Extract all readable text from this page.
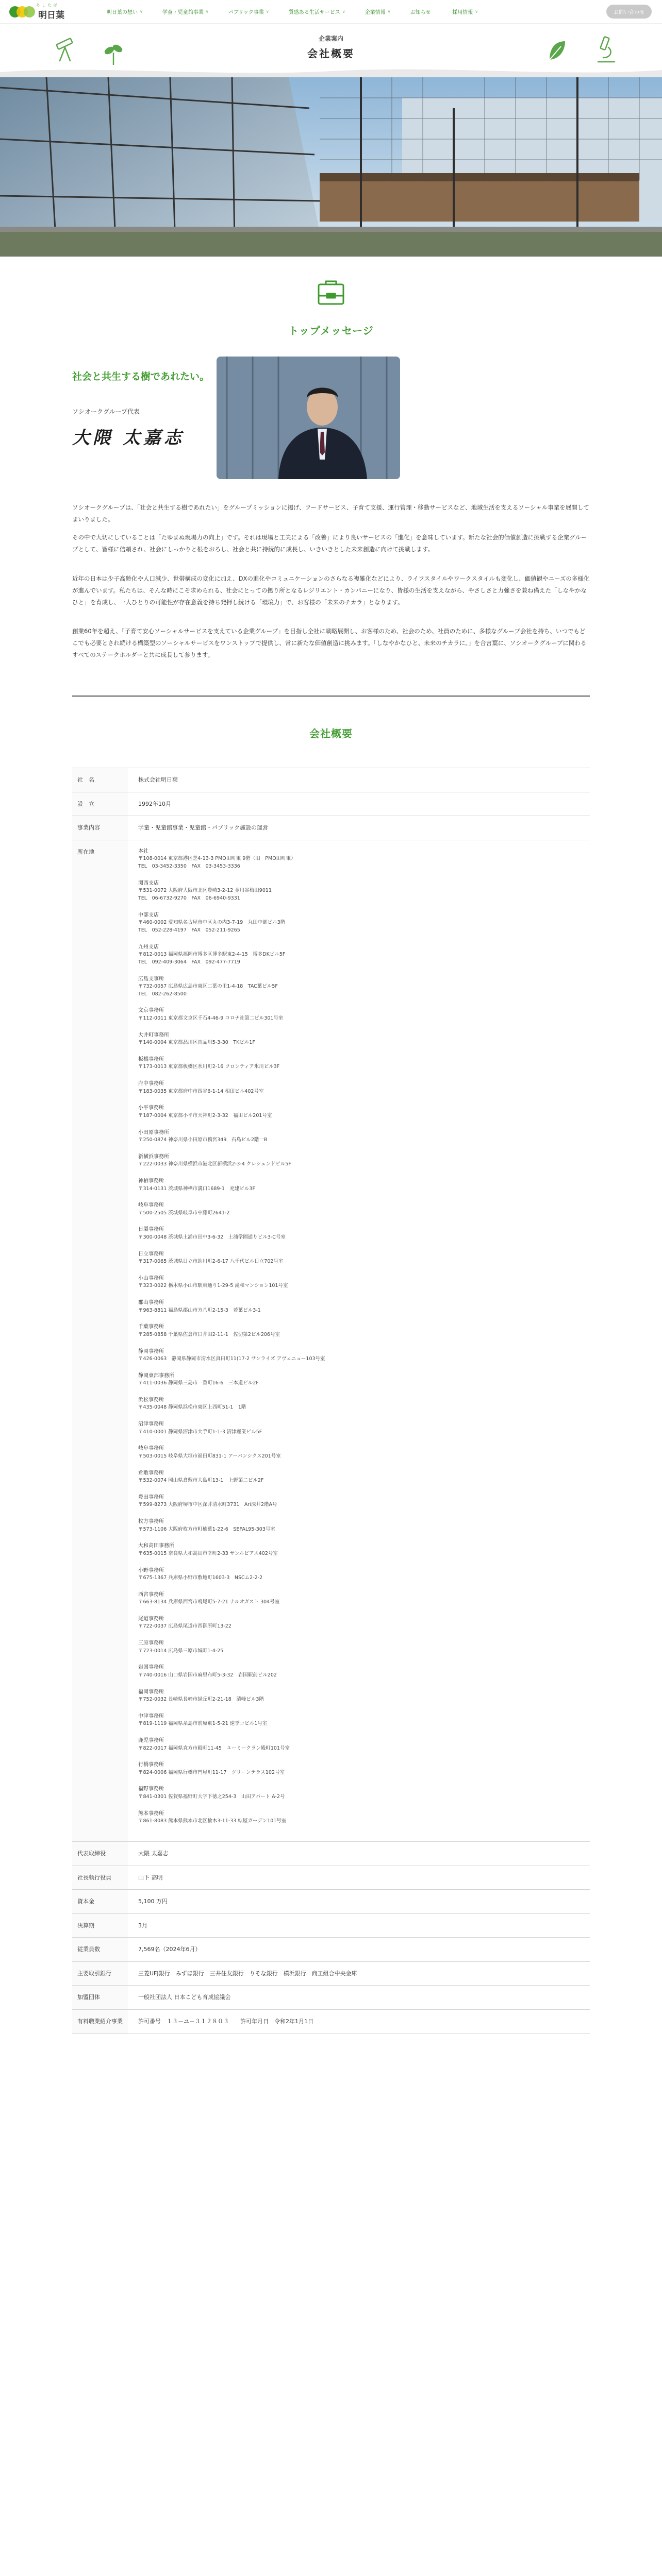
あ し た ば
明日葉	明日葉の想い ∨	学童・児童館事業 ∨	パブリック事業 ∨	質感ある生活サービス ∨	企業情報 ∨	お知らせ	採用情報 ∨	お問い合わせ
企業案内
会社概要
トップメッセージ
社会と共生する樹であれたい。
ソシオークグループ代表
大隈 太嘉志
ソシオークグループは、「社会と共生する樹であれたい」をグループミッションに掲げ、フードサービス、子育て支援、運行管理・移動サービスなど、地域生活を支えるソーシャル事業を展開してまいりました。
その中で大切にしていることは「たゆまぬ現場力の向上」です。それは現場と工夫による「改善」により良いサービスの「進化」を意味しています。新たな社会的価値創造に挑戦する企業グループとして、皆様に信頼され、社会にしっかりと根をおろし、社会と共に持続的に成長し、いきいきとした未来創造に向けて挑戦します。
近年の日本は少子高齢化や人口減少、世帯構成の変化に加え、DXの進化やコミュニケーションのさらなる複雑化などにより、ライフスタイルやワークスタイルも変化し、価値観やニーズの多様化が進んでいます。私たちは、そんな時にこそ求められる、社会にとっての拠り所となるレジリエント・カンパニーになり、皆様の生活を支えながら、やさしさと力強さを兼ね備えた「しなやかなひと」を育成し、一人ひとりの可能性が存在意義を持ち発揮し続ける「環境力」で、お客様の「未来のチカラ」となります。
創業60年を超え、「子育て安心ソーシャルサービスを支えている企業グループ」を目指し全社に戦略展開し、お客様のため、社会のため、社員のために、多様なグループ会社を持ち、いつでもどこでも必要とされ続ける構築型のソーシャルサービスをワンストップで提供し、常に新たな価値創造に挑みます。「しなやかなひと、未来のチカラに。」を合言葉に、ソシオークグループに関わるすべてのステークホルダーと共に成長して参ります。
会社概要
社　名	株式会社明日葉
設　立	1992年10月
事業内容	学童・児童館事業・児童館・パブリック施設の運営
所在地	本社
〒108-0014 東京都港区芝4-13-3 PMO田町東 9階（旧　PMO田町東）
TEL　03-3452-3350　FAX　03-3453-3336
関西支店
〒531-0072 大阪府大阪市北区豊崎3-2-12 並川谷梅田9011
TEL　06-6732-9270　FAX　06-6940-9331
中部支店
〒460-0002 愛知県名古屋市中区丸の内3-7-19　丸田中部ビル3階
TEL　052-228-4197　FAX　052-211-9265
九州支店
〒812-0013 福岡県福岡市博多区博多駅東2-4-15　博多DKビル5F
TEL　092-409-3064　FAX　092-477-7719
広島支事所
〒732-0057 広島県広島市東区二葉の里1-4-18　TAC葉ビル5F
TEL　082-262-8500
文京事務所
〒112-0011 東京都文京区千石4-46-9 コロナ社第二ビル301号室
大井町事務所
〒140-0004 東京都品川区南品川5-3-30　TKビル1F
板橋事務所
〒173-0013 東京都板橋区氷川町2-16 フロンティア氷川ビル3F
府中事務所
〒183-0035 東京都府中市四谷6-1-14 相田ビル402号室
小平事務所
〒187-0004 東京都小平市天神町2-3-32　福田ビル201号室
小田原事務所
〒250-0874 神奈川県小田原市鴨宮349　石島ビル2階一B
新横浜事務所
〒222-0033 神奈川県横浜市港北区新横浜2-3-4 クレシェンドビル5F
神栖事務所
〒314-0131 茨城県神栖市溝口1689-1　充建ビル3F
岐阜事務所
〒500-2505 茨城県岐阜市中藤町2641-2
日製事務所
〒300-0048 茨城県土浦市田中3-6-32　土浦学園通りビル3-C号室
日立事務所
〒317-0065 茨城県日立市助川町2-6-17 八千代ビル日立702号室
小山事務所
〒323-0022 栃木県小山市駅東通り1-29-5 滝和マンション101号室
郡山事務所
〒963-8811 福島県郡山市方八町2-15-3　若葉ビル3-1
千葉事務所
〒285-0858 千葉県佐倉市臼井田2-11-1　佐切第2ビル206号室
静岡事務所
〒426-0063　静岡県静岡市清水区真田町11(17-2 サンライズ アヴェニュー103号室
静岡東部事務所
〒411-0036 静岡県三島市一番町16-6　三本道ビル2F
浜松事務所
〒435-0048 静岡県浜松市東区上西町51-1　1階
沼津事務所
〒410-0001 静岡県沼津市大手町1-1-3 沼津産業ビル5F
岐阜事務所
〒503-0015 岐阜県大垣市福田町831-1 アーバンシクス201号室
倉敷事務所
〒532-0074 岡山県倉敷市大島町13-1　上野第二ビル2F
豊田事務所
〒599-8273 大阪府堺市中区深井清水町3731　Ari深井2階A号
枚方事務所
〒573-1106 大阪府枚方市町楠葉1-22-6　SEPAL95-303号室
大和高田事務所
〒635-0015 奈良県大和高田市幸町2-33 サンルビアス402号室
小野事務所
〒675-1367 兵庫県小野市敷地町1603-3　NSCム2-2-2
西宮事務所
〒663-8134 兵庫県西宮市鳴尾町5-7-21 ナルオガスト 304号室
尾道事務所
〒722-0037 広島県尾道市西御所町13-22
三原事務所
〒723-0014 広島県三原市城町1-4-25
岩国事務所
〒740-0016 山口県岩国市麻里布町5-3-32　岩国駅前ビル202
福岡事務所
〒752-0032 長崎県長崎市緑丘町2-21-18　清峰ビル3階
中津事務所
〒819-1119 福岡県糸島市前原東1-5-21 速季コビル1号室
鹿児事務所
〒822-0017 福岡県直方市殿町11-45　ユーミークラン殿町101号室
行橋事務所
〒824-0006 福岡県行橋市門屋町11-17　グリーンテラス102号室
福野事務所
〒841-0301 佐賀県福野町大字下徳之254-3　山田アパート A-2号
熊本事務所
〒861-8083 熊本県熊本市北区楡木3-11-33 転屋ガーデン101号室
代表取締役	大隈 太嘉志
社長執行役員	山下 高明
資本金	5,100 万円
決算期	3月
従業員数	7,569名（2024年6月）
主要取引銀行	三菱UFJ銀行　みずほ銀行　三井住友銀行　りそな銀行　横浜銀行　商工組合中央金庫
加盟団体	一般社団法人 日本こども育成協議会
有料職業紹介事業	許可番号　１３－ユ－３１２８０３　　許可年月日　令和2年1月1日
